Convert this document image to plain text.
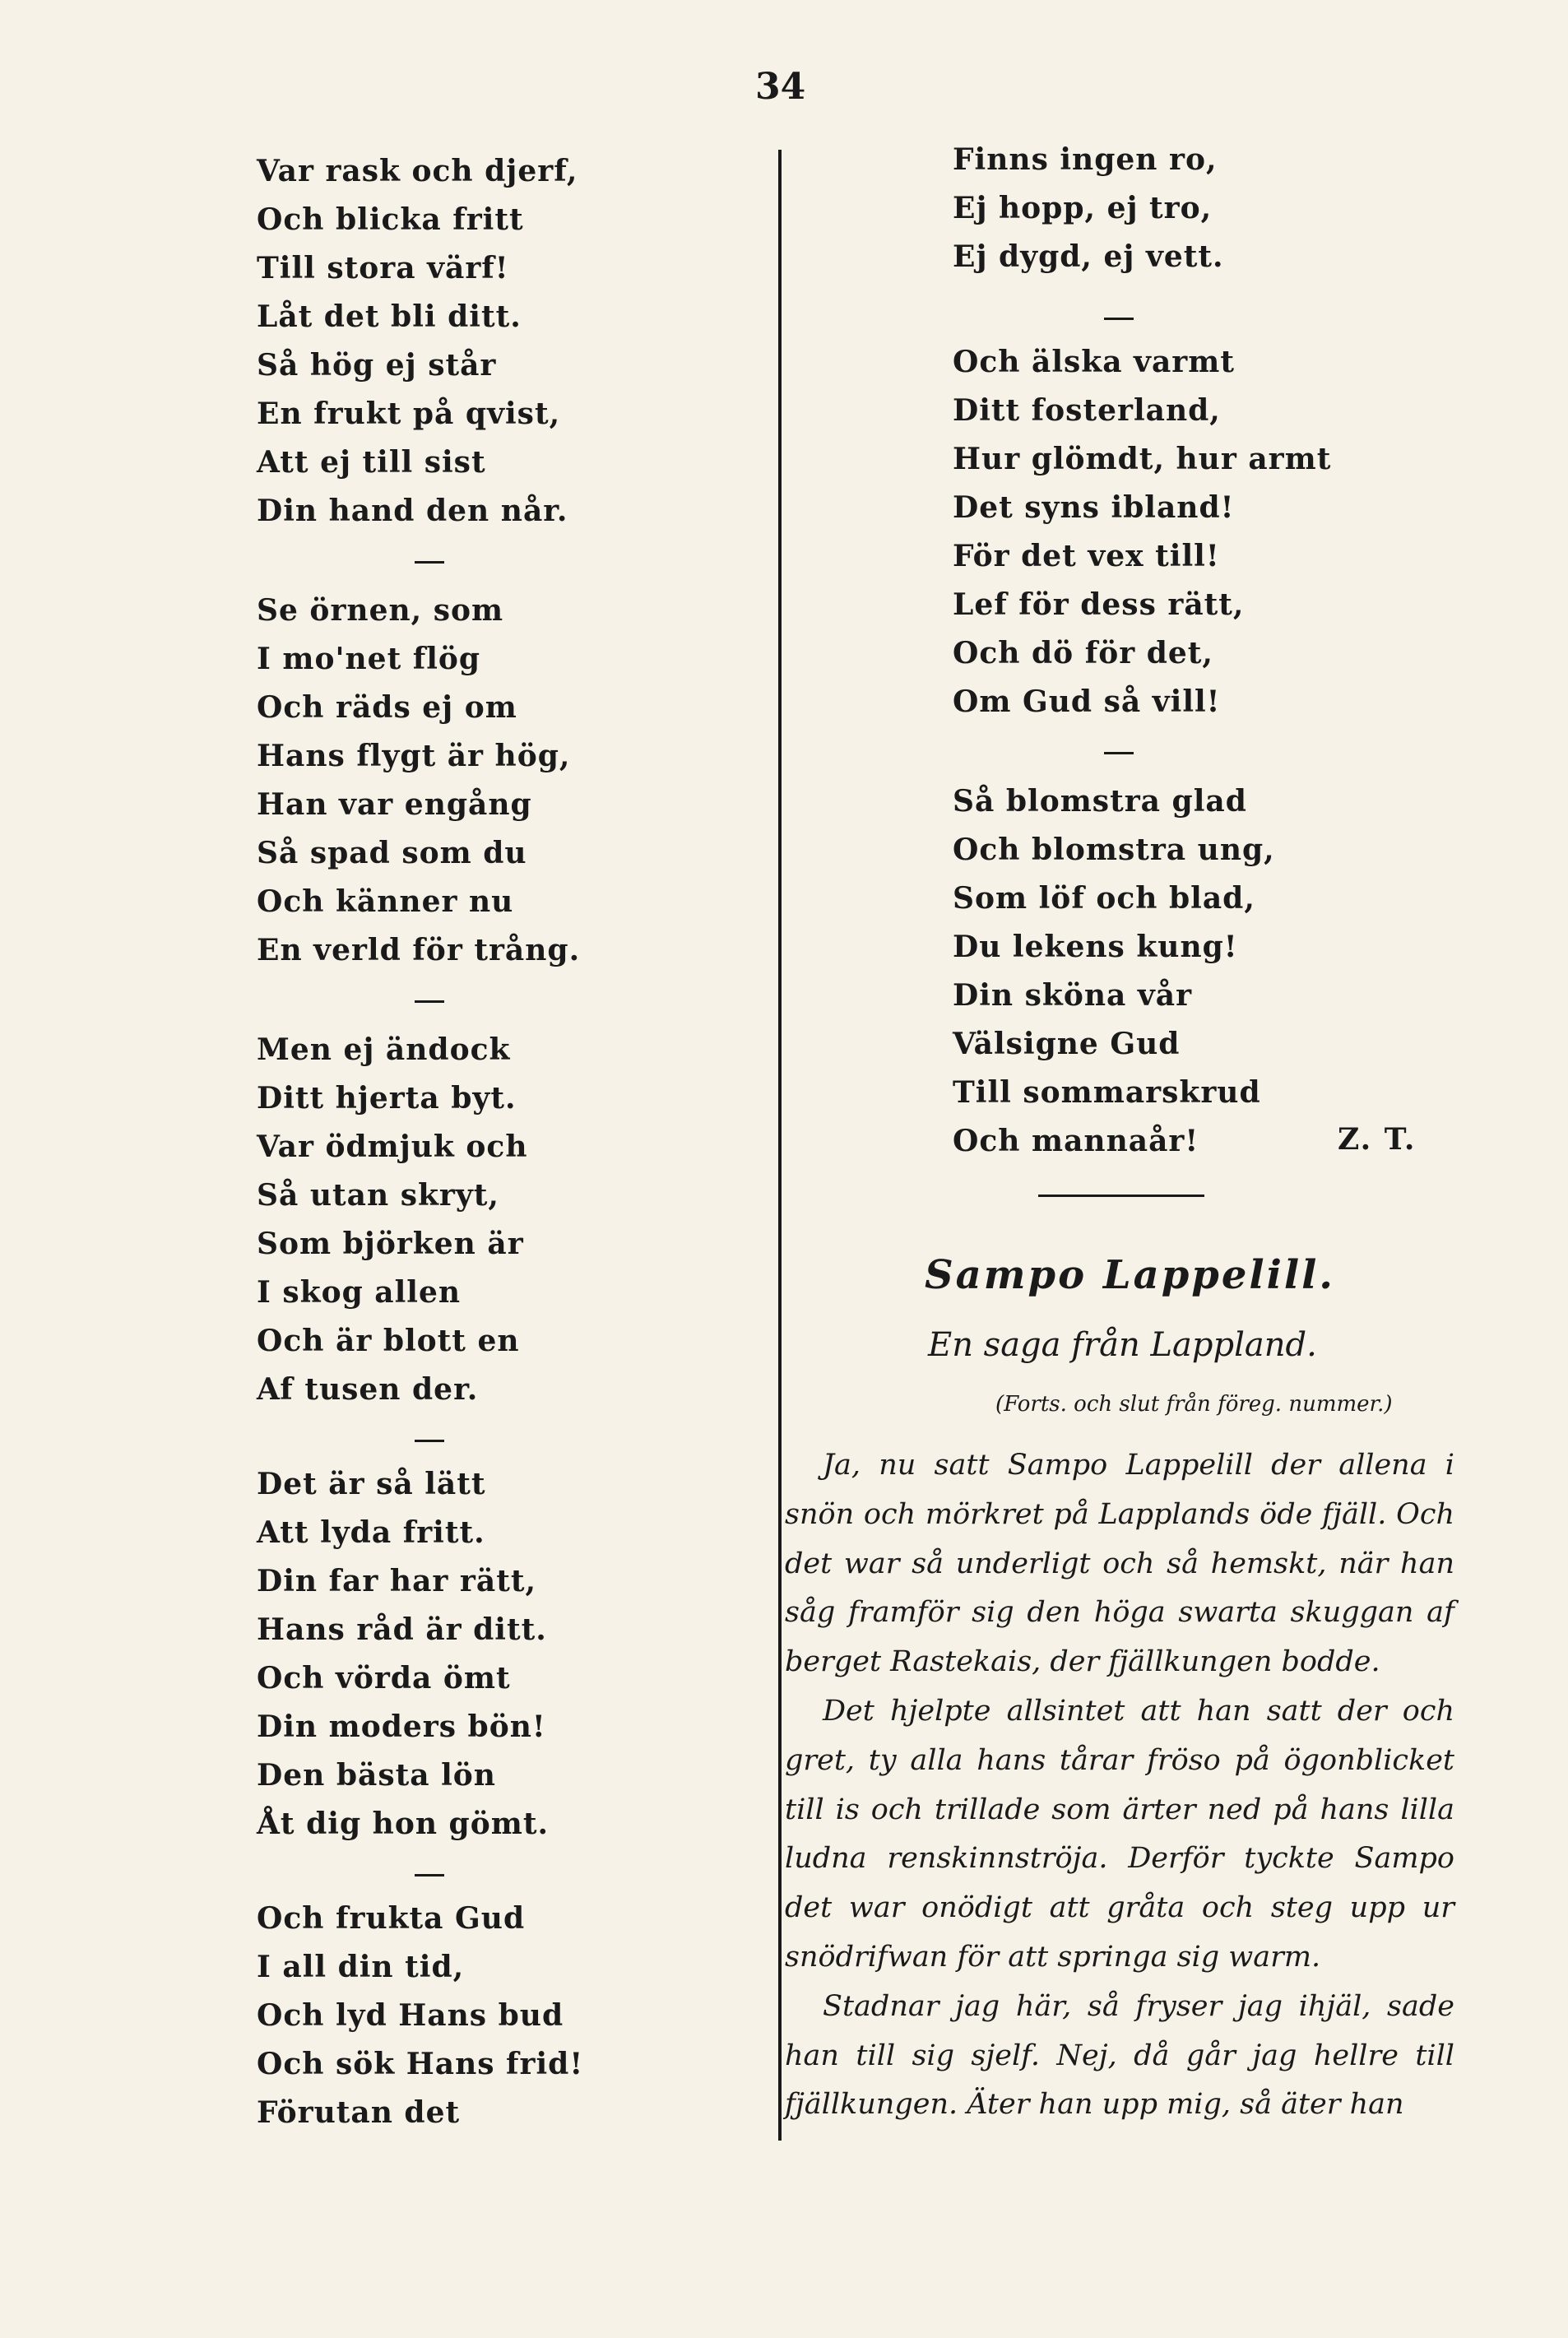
34
Var rask och djerf,
Och blicka fritt
Till stora värf!
Låt det bli ditt.
Så hög ej står
En frukt på qvist,
Att ej till sist
Din hand den når.
Se örnen, som
I mo'net flög
Och räds ej om
Hans flygt är hög,
Han var engång
Så spad som du
Och känner nu
En verld för trång.
Men ej ändock
Ditt hjerta byt.
Var ödmjuk och
Så utan skryt,
Som björken är
I skog allen
Och är blott en
Af tusen der.
Det är så lätt
Att lyda fritt.
Din far har rätt,
Hans råd är ditt.
Och vörda ömt
Din moders bön!
Den bästa lön
Åt dig hon gömt.
Och frukta Gud
I all din tid,
Och lyd Hans bud
Och sök Hans frid!
Förutan det
Finns ingen ro,
Ej hopp, ej tro,
Ej dygd, ej vett.
Och älska varmt
Ditt fosterland,
Hur glömdt, hur armt
Det syns ibland!
För det vex till!
Lef för dess rätt,
Och dö för det,
Om Gud så vill!
Så blomstra glad
Och blomstra ung,
Som löf och blad,
Du lekens kung!
Din sköna vår
Välsigne Gud
Till sommarskrud
Och mannaår!	Z. T.
Sampo Lappelill.
En saga från Lappland.
(Forts. och slut från föreg. nummer.)

Ja, nu satt Sampo Lappelill der allena i snön och mörkret på Lapplands öde fjäll. Och det war så underligt och så hemskt, när han såg framför sig den höga swarta skuggan af berget Rastekais, der fjällkungen bodde.

Det hjelpte allsintet att han satt der och gret, ty alla hans tårar fröso på ögonblicket till is och trillade som ärter ned på hans lilla ludna renskinnströja. Derför tyckte Sampo det war onödigt att gråta och steg upp ur snödrifwan för att springa sig warm.

Stadnar jag här, så fryser jag ihjäl, sade han till sig sjelf. Nej, då går jag hellre till fjällkungen. Äter han upp mig, så äter han
